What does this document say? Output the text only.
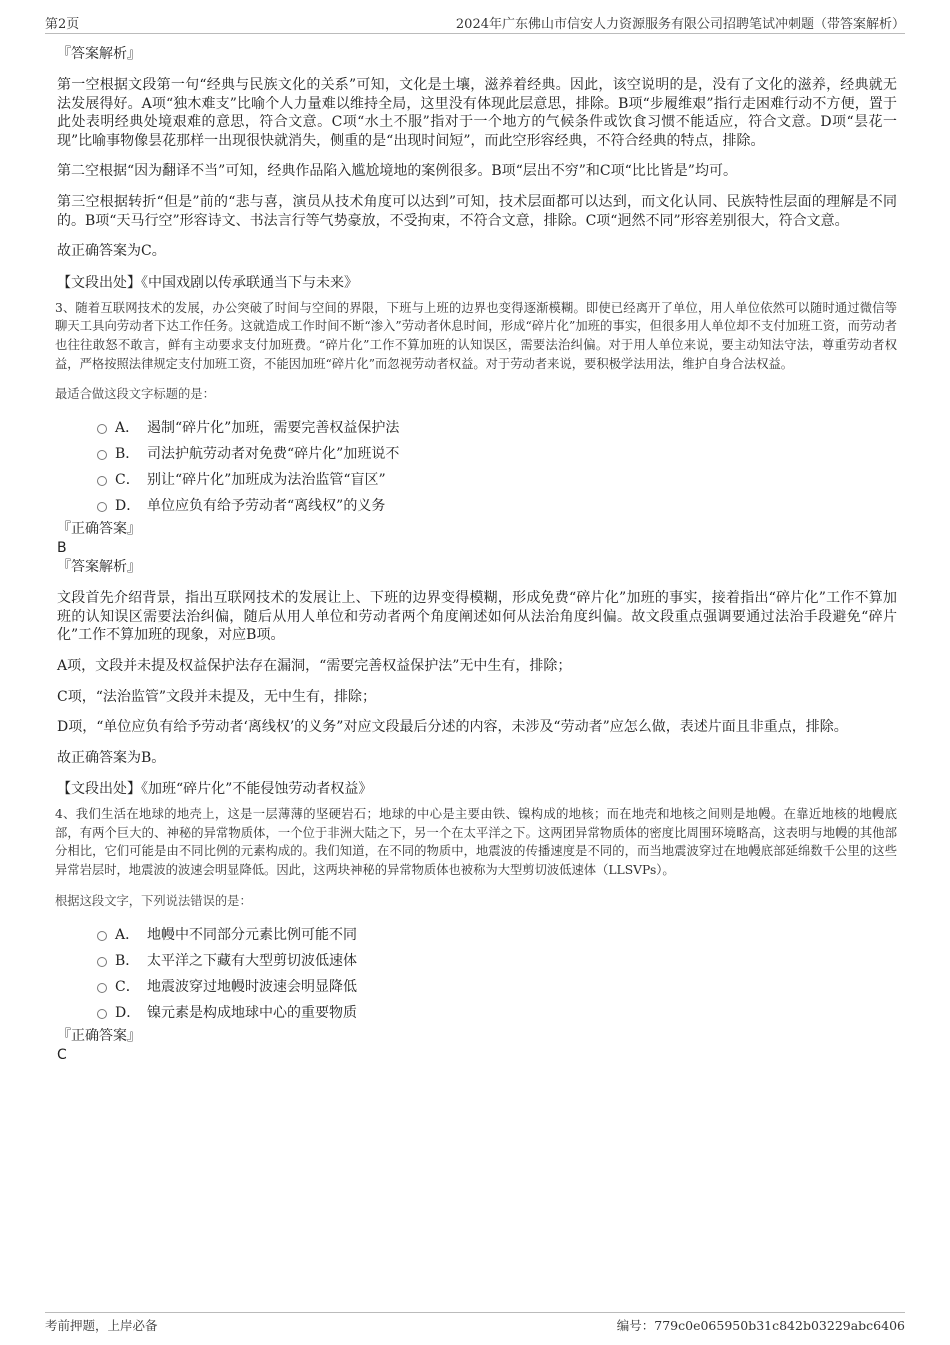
第2页	2024年广东佛山市信安人力资源服务有限公司招聘笔试冲刺题（带答案解析）

『答案解析』

第一空根据文段第一句“经典与民族文化的关系”可知，文化是土壤，滋养着经典。因此，该空说明的是，没有了文化的滋养，经典就无法发展得好。A项“独木难支”比喻个人力量难以维持全局，这里没有体现此层意思，排除。B项“步履维艰”指行走困难行动不方便，置于此处表明经典处境艰难的意思，符合文意。C项“水土不服”指对于一个地方的气候条件或饮食习惯不能适应，符合文意。D项“昙花一现”比喻事物像昙花那样一出现很快就消失，侧重的是“出现时间短”，而此空形容经典，不符合经典的特点，排除。

第二空根据“因为翻译不当”可知，经典作品陷入尴尬境地的案例很多。B项“层出不穷”和C项“比比皆是”均可。

第三空根据转折“但是”前的“悲与喜，演员从技术角度可以达到”可知，技术层面都可以达到，而文化认同、民族特性层面的理解是不同的。B项“天马行空”形容诗文、书法言行等气势豪放，不受拘束，不符合文意，排除。C项“迥然不同”形容差别很大，符合文意。

故正确答案为C。

【文段出处】《中国戏剧以传承联通当下与未来》

3、随着互联网技术的发展，办公突破了时间与空间的界限，下班与上班的边界也变得逐渐模糊。即使已经离开了单位，用人单位依然可以随时通过微信等聊天工具向劳动者下达工作任务。这就造成工作时间不断“渗入”劳动者休息时间，形成“碎片化”加班的事实，但很多用人单位却不支付加班工资，而劳动者也往往敢怒不敢言，鲜有主动要求支付加班费。“碎片化”工作不算加班的认知误区，需要法治纠偏。对于用人单位来说，要主动知法守法，尊重劳动者权益，严格按照法律规定支付加班工资，不能因加班“碎片化”而忽视劳动者权益。对于劳动者来说，要积极学法用法，维护自身合法权益。

最适合做这段文字标题的是：

A． 遏制“碎片化”加班，需要完善权益保护法
B． 司法护航劳动者对免费“碎片化”加班说不
C． 别让“碎片化”加班成为法治监管“盲区”
D． 单位应负有给予劳动者“离线权”的义务

『正确答案』

B

『答案解析』

文段首先介绍背景，指出互联网技术的发展让上、下班的边界变得模糊，形成免费“碎片化”加班的事实，接着指出“碎片化”工作不算加班的认知误区需要法治纠偏，随后从用人单位和劳动者两个角度阐述如何从法治角度纠偏。故文段重点强调要通过法治手段避免“碎片化”工作不算加班的现象，对应B项。

A项，文段并未提及权益保护法存在漏洞，“需要完善权益保护法”无中生有，排除；

C项，“法治监管”文段并未提及，无中生有，排除；

D项，“单位应负有给予劳动者‘离线权’的义务”对应文段最后分述的内容，未涉及“劳动者”应怎么做，表述片面且非重点，排除。

故正确答案为B。

【文段出处】《加班“碎片化”不能侵蚀劳动者权益》

4、我们生活在地球的地壳上，这是一层薄薄的坚硬岩石；地球的中心是主要由铁、镍构成的地核；而在地壳和地核之间则是地幔。在靠近地核的地幔底部，有两个巨大的、神秘的异常物质体，一个位于非洲大陆之下，另一个在太平洋之下。这两团异常物质体的密度比周围环境略高，这表明与地幔的其他部分相比，它们可能是由不同比例的元素构成的。我们知道，在不同的物质中，地震波的传播速度是不同的，而当地震波穿过在地幔底部延绵数千公里的这些异常岩层时，地震波的波速会明显降低。因此，这两块神秘的异常物质体也被称为大型剪切波低速体（LLSVPs）。

根据这段文字，下列说法错误的是：

A． 地幔中不同部分元素比例可能不同
B． 太平洋之下藏有大型剪切波低速体
C． 地震波穿过地幔时波速会明显降低
D． 镍元素是构成地球中心的重要物质

『正确答案』

C

考前押题，上岸必备	编号：779c0e065950b31c842b03229abc6406
